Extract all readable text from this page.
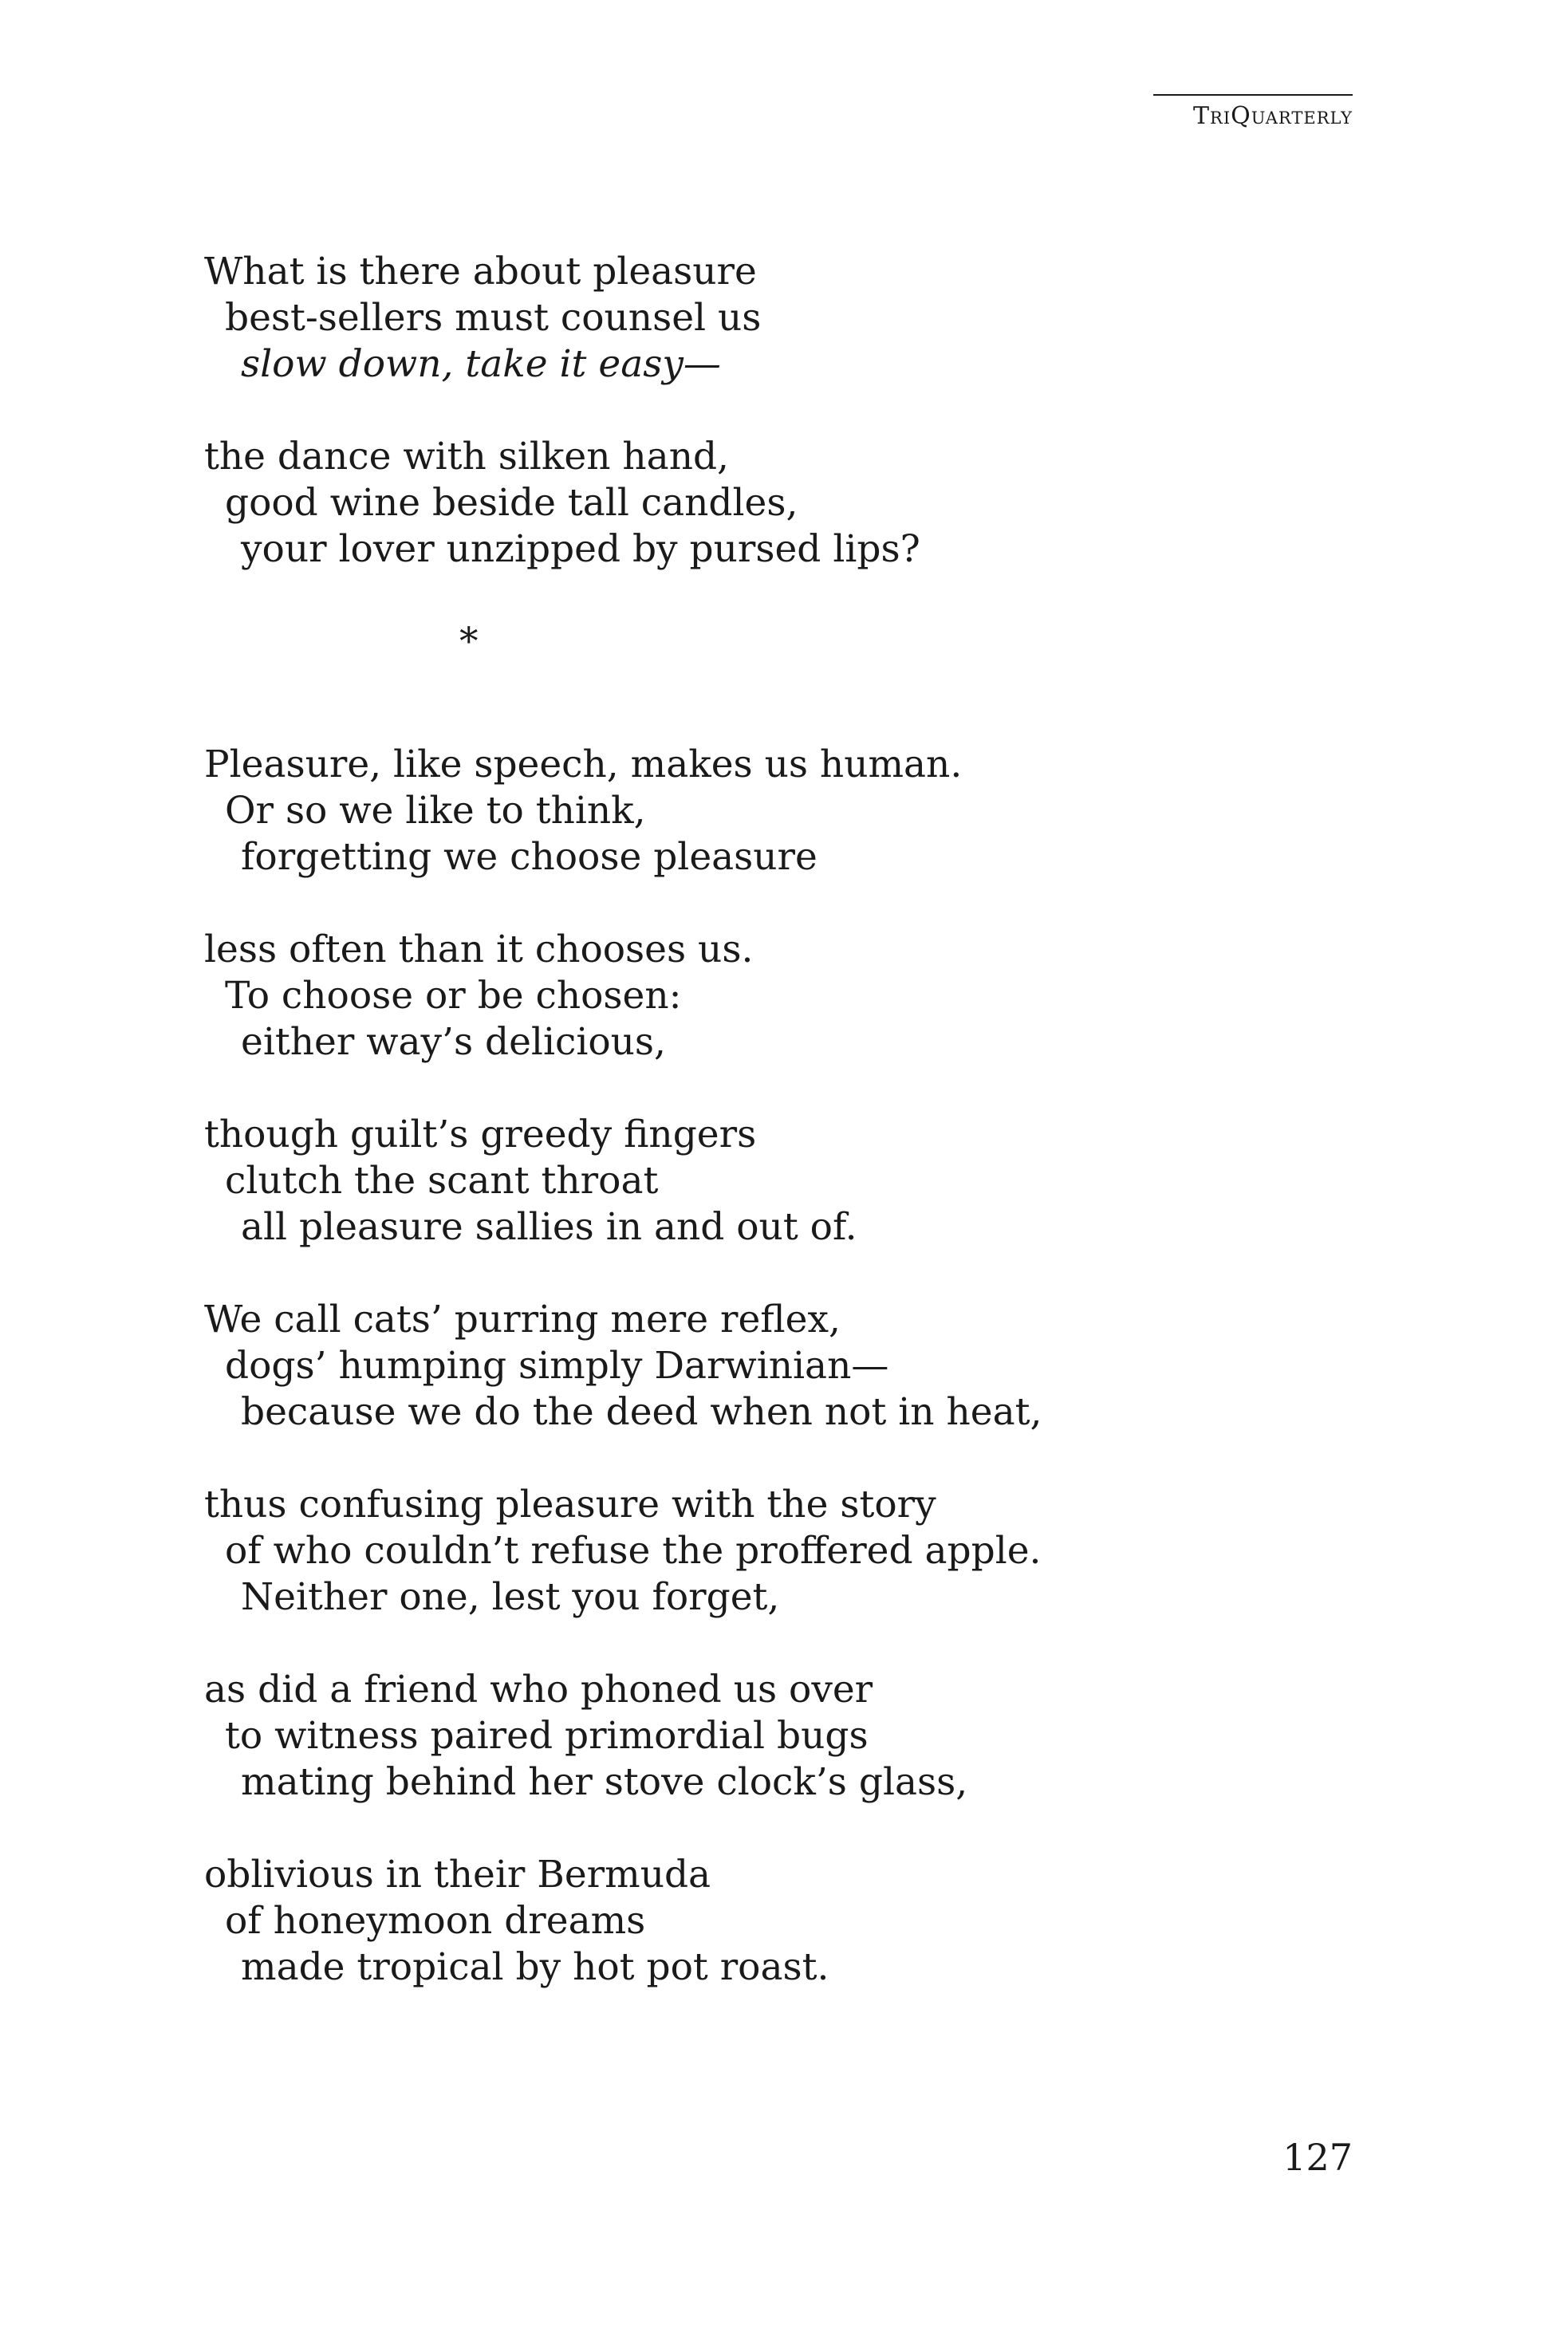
TriQuarterly
What is there about pleasure
best-sellers must counsel us
slow down, take it easy—
the dance with silken hand,
good wine beside tall candles,
your lover unzipped by pursed lips?
*
Pleasure, like speech, makes us human.
Or so we like to think,
forgetting we choose pleasure
less often than it chooses us.
To choose or be chosen:
either way’s delicious,
though guilt’s greedy fingers
clutch the scant throat
all pleasure sallies in and out of.
We call cats’ purring mere reflex,
dogs’ humping simply Darwinian—
because we do the deed when not in heat,
thus confusing pleasure with the story
of who couldn’t refuse the proffered apple.
Neither one, lest you forget,
as did a friend who phoned us over
to witness paired primordial bugs
mating behind her stove clock’s glass,
oblivious in their Bermuda
of honeymoon dreams
made tropical by hot pot roast.
127
